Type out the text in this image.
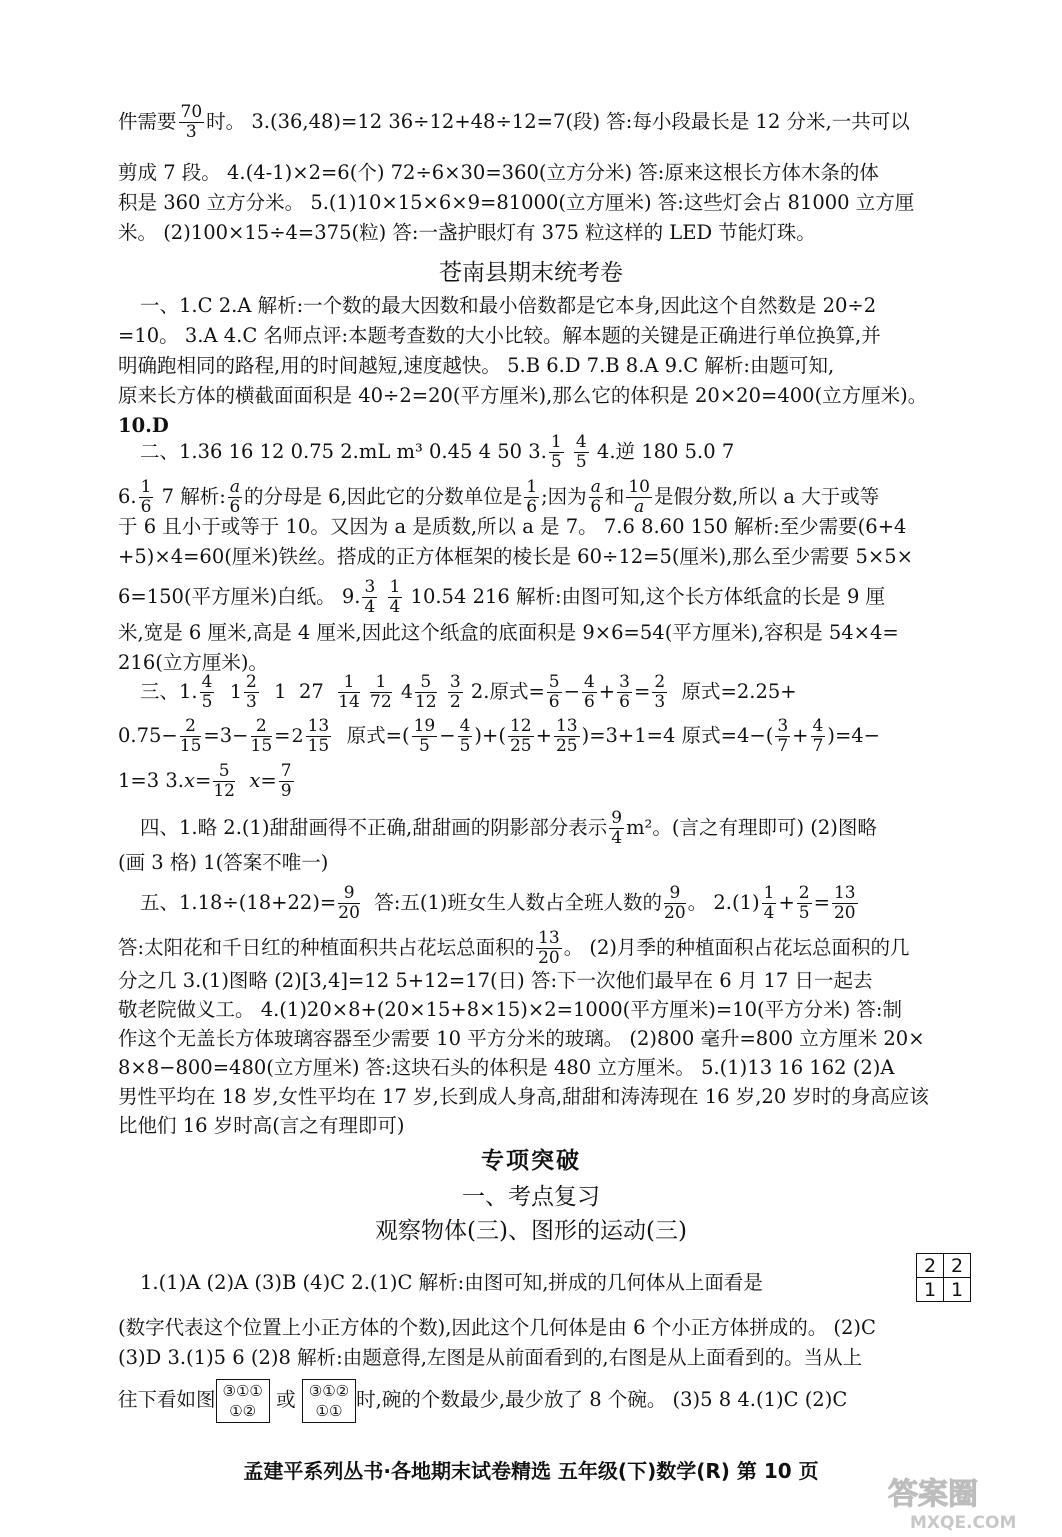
件需要 $\frac{70}{3}$ 时。 3.(36,48)=12 36÷12+48÷12=7(段) 答:每小段最长是 12 分米,一共可以
剪成 7 段。 4.(4-1)×2=6(个) 72÷6×30=360(立方分米) 答:原来这根长方体木条的体
积是 360 立方分米。 5.(1)10×15×6×9=81000(立方厘米) 答:这些灯会占 81000 立方厘
米。 (2)100×15÷4=375(粒) 答:一盏护眼灯有 375 粒这样的 LED 节能灯珠。
苍南县期末统考卷
一、1.C 2.A 解析:一个数的最大因数和最小倍数都是它本身,因此这个自然数是 20÷2
=10。 3.A 4.C 名师点评:本题考查数的大小比较。解本题的关键是正确进行单位换算,并
明确跑相同的路程,用的时间越短,速度越快。 5.B 6.D 7.B 8.A 9.C 解析:由题可知,
原来长方体的横截面面积是 40÷2=20(平方厘米),那么它的体积是 20×20=400(立方厘米)。
10.D
二、1.36 16 12 0.75 2.mL m³ 0.45 4 50 3. $\frac{1}{5}$
$\frac{4}{5} 4$.逆 180 5.0 7
6. $\frac{1}{6} 7$ 解析: $\frac{a}{6}$ 的分母是 6,因此它的分数单位是 $\frac{1}{6}$ ;因为 $\frac{a}{6}$ 和 $\frac{10}{a}$ 是假分数,所以 a 大于或等
于 6 且小于或等于 10。又因为 a 是质数,所以 a 是 7。 7.6 8.60 150 解析:至少需要(6+4
+5)×4=60(厘米)铁丝。搭成的正方体框架的棱长是 60÷12=5(厘米),那么至少需要 5×5×
6=150(平方厘米)白纸。 9. $\frac{3}{4}$
$\frac{1}{4} 10.54$ 216 解析:由图可知,这个长方体纸盒的长是 9 厘
米,宽是 6 厘米,高是 4 厘米,因此这个纸盒的底面积是 9×6=54(平方厘米),容积是 54×4=
216(立方厘米)。
三、1. $\frac{4}{5} 1 \frac{2}{3} 1$  $27 \frac{1}{14}$
$\frac{1}{72} 4 \frac{5}{12}$
$\frac{3}{2} 2$.原式= $\frac{5}{6} - \frac{4}{6} + \frac{3}{6} = \frac{2}{3}$ 原式=2.25+
$0.75- \frac{2}{15} =3- \frac{2}{15} =2 \frac{13}{15}$ 原式=( $\frac{19}{5} - \frac{4}{5}$ )+( $\frac{12}{25} + \frac{13}{25} )=3+1=4$ 原式$=4-( \frac{3}{7} + \frac{4}{7} )=4-$
1=3 $3.x= \frac{5}{12} x= \frac{7}{9}$
四、1.略 2.(1)甜甜画得不正确,甜甜画的阴影部分表示 $\frac{9}{4} m^2$。(言之有理即可) (2)图略
(画 3 格) 1(答案不唯一)
五、$1.18\div(18+22)= \frac{9}{20}$ 答:五(1)班女生人数占全班人数的 $\frac{9}{20}$ 。 $2.(1) \frac{1}{4} + \frac{2}{5} = \frac{13}{20}$
答:太阳花和千日红的种植面积共占花坛总面积的 $\frac{13}{20}$ 。 (2)月季的种植面积占花坛总面积的几
分之几 3.(1)图略 (2)[3,4]=12 5+12=17(日) 答:下一次他们最早在 6 月 17 日一起去
敬老院做义工。 4.(1)20×8+(20×15+8×15)×2=1000(平方厘米)=10(平方分米) 答:制
作这个无盖长方体玻璃容器至少需要 10 平方分米的玻璃。 (2)800 毫升=800 立方厘米 20×
8×8−800=480(立方厘米) 答:这块石头的体积是 480 立方厘米。 5.(1)13 16 162 (2)A
男性平均在 18 岁,女性平均在 17 岁,长到成人身高,甜甜和涛涛现在 16 岁,20 岁时的身高应该
比他们 16 岁时高(言之有理即可)
专项突破
一、考点复习
观察物体(三)、图形的运动(三)
1.(1)A (2)A (3)B (4)C 2.(1)C 解析:由图可知,拼成的几何体从上面看是
2	2
1	1
(数字代表这个位置上小正方体的个数),因此这个几何体是由 6 个小正方体拼成的。 (2)C
(3)D 3.(1)5 6 (2)8 解析:由题意得,左图是从前面看到的,右图是从上面看到的。当从上
往下看如图 ③①①
①② 或 ③①②
①① 时,碗的个数最少,最少放了 8 个碗。 (3)5 8 4.(1)C (2)C
孟建平系列丛书·各地期末试卷精选 五年级(下)数学(R) 第 10 页
答案圈
MXQE.COM
